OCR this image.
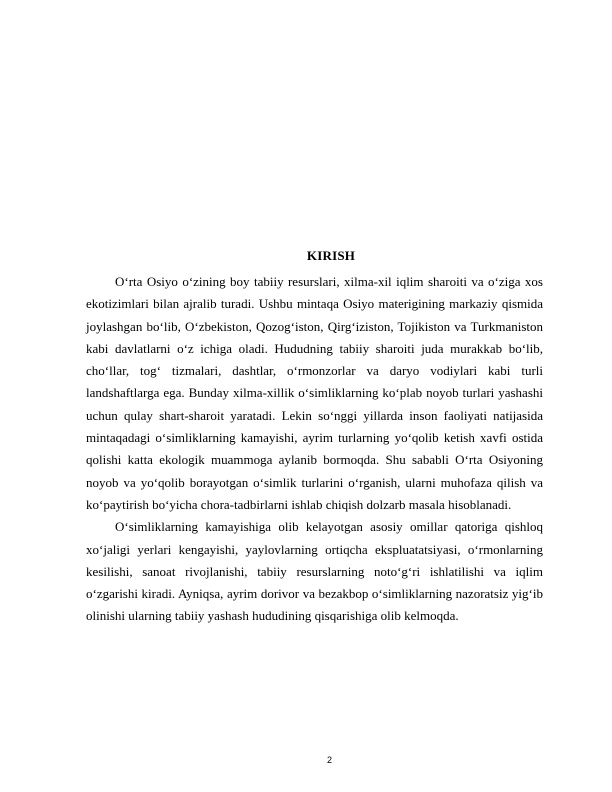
KIRISH

O‘rta Osiyo o‘zining boy tabiiy resurslari, xilma-xil iqlim sharoiti va o‘ziga xos ekotizimlari bilan ajralib turadi. Ushbu mintaqa Osiyo materigining markaziy qismida joylashgan bo‘lib, O‘zbekiston, Qozog‘iston, Qirg‘iziston, Tojikiston va Turkmaniston kabi davlatlarni o‘z ichiga oladi. Hududning tabiiy sharoiti juda murakkab bo‘lib, cho‘llar, tog‘ tizmalari, dashtlar, o‘rmonzorlar va daryo vodiylari kabi turli landshaftlarga ega. Bunday xilma-xillik o‘simliklarning ko‘plab noyob turlari yashashi uchun qulay shart-sharoit yaratadi. Lekin so‘nggi yillarda inson faoliyati natijasida mintaqadagi o‘simliklarning kamayishi, ayrim turlarning yo‘qolib ketish xavfi ostida qolishi katta ekologik muammoga aylanib bormoqda. Shu sababli O‘rta Osiyoning noyob va yo‘qolib borayotgan o‘simlik turlarini o‘rganish, ularni muhofaza qilish va ko‘paytirish bo‘yicha chora-tadbirlarni ishlab chiqish dolzarb masala hisoblanadi.

O‘simliklarning kamayishiga olib kelayotgan asosiy omillar qatoriga qishloq xo‘jaligi yerlari kengayishi, yaylovlarning ortiqcha ekspluatatsiyasi, o‘rmonlarning kesilishi, sanoat rivojlanishi, tabiiy resurslarning noto‘g‘ri ishlatilishi va iqlim o‘zgarishi kiradi. Ayniqsa, ayrim dorivor va bezakbop o‘simliklarning nazoratsiz yig‘ib olinishi ularning tabiiy yashash hududining qisqarishiga olib kelmoqda.

2
